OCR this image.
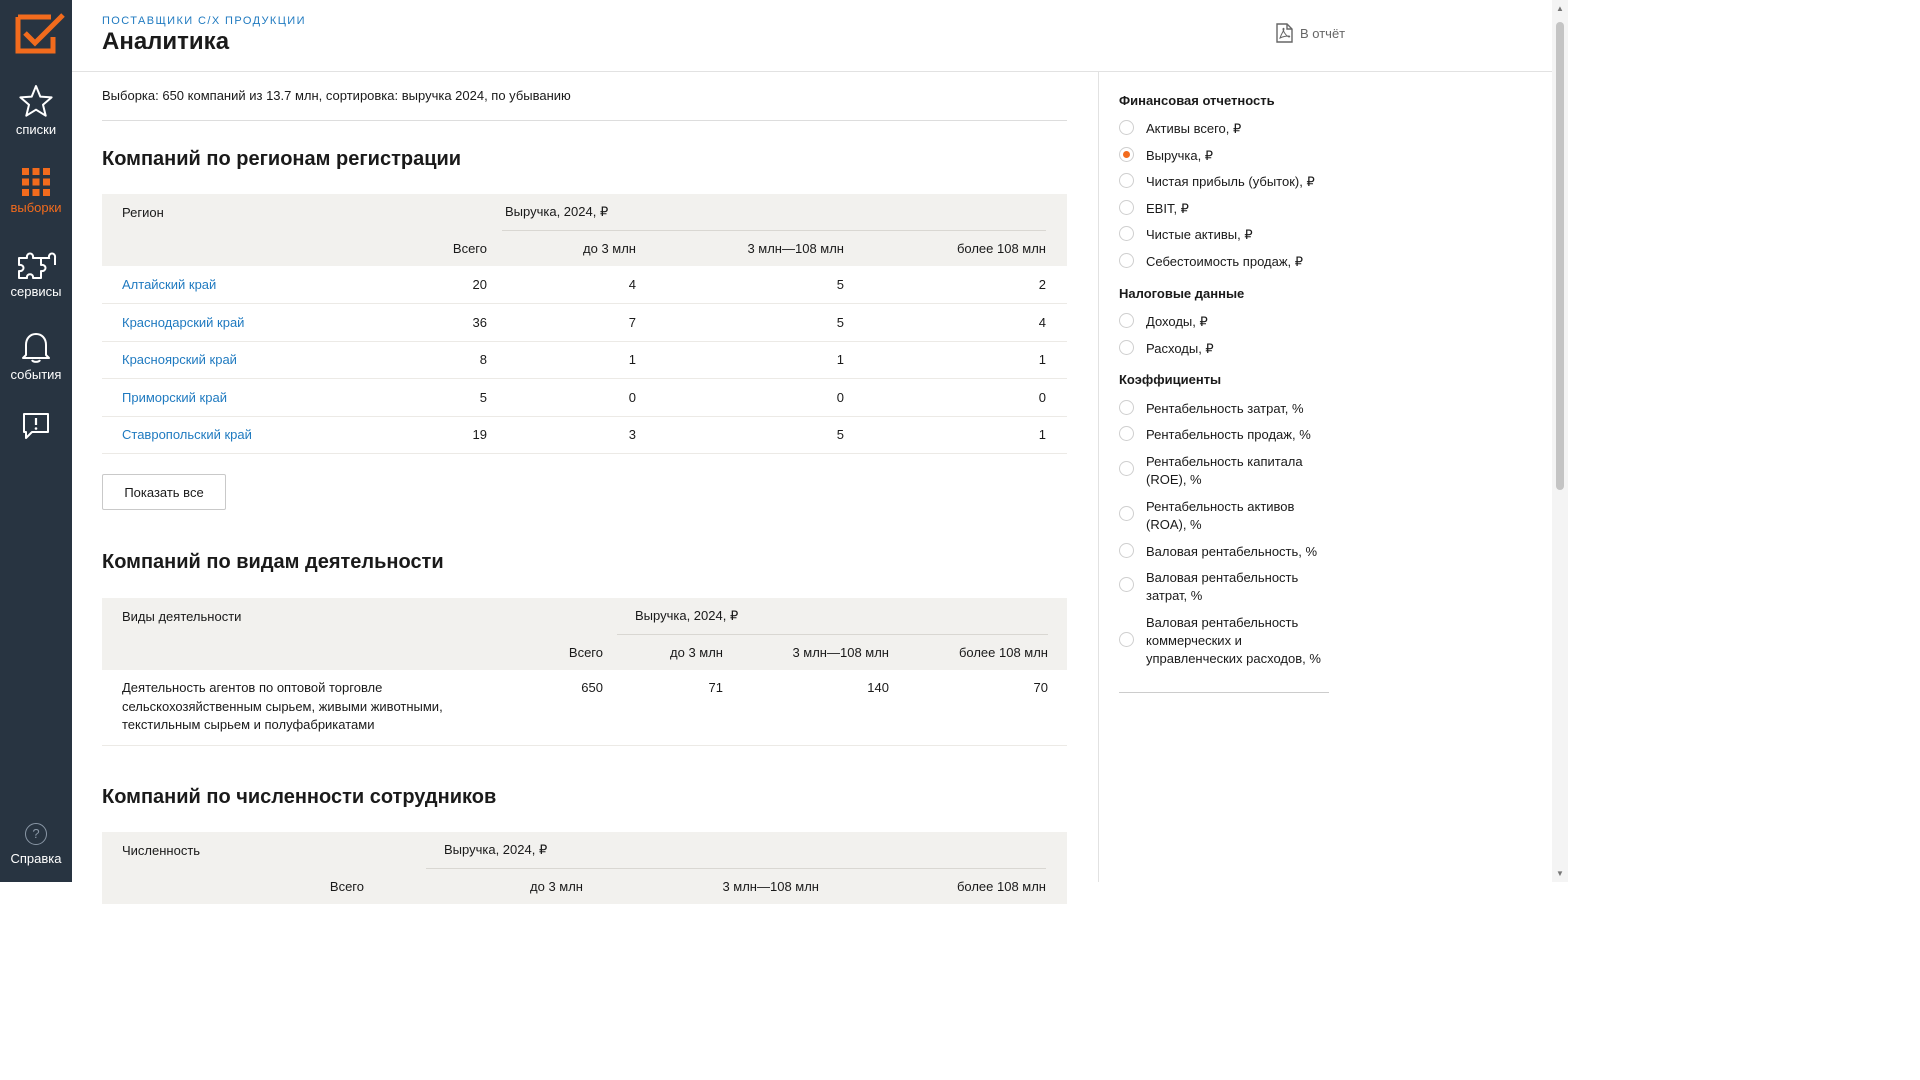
списки
выборки
сервисы
события
?
Справка
ПОСТАВЩИКИ С/Х ПРОДУКЦИИ
Аналитика	В отчёт
Выборка: 650 компаний из 13.7 млн, сортировка: выручка 2024, по убыванию
Компаний по регионам регистрации
	Регион			Выручка, 2024, ₽			
		Всего		до 3 млн	3 млн—108 млн	более 108 млн	
	Алтайский край	20		4	5	2	
	Краснодарский край	36		7	5	4	
	Красноярский край	8		1	1	1	
	Приморский край	5		0	0	0	
	Ставропольский край	19		3	5	1	
Показать все
Компаний по видам деятельности
	Виды деятельности			Выручка, 2024, ₽			
		Всего		до 3 млн	3 млн—108 млн	более 108 млн	
	Деятельность агентов по оптовой торговле сельскохозяйственным сырьем, живыми животными, текстильным сырьем и полуфабрикатами	650		71	140	70	
Компаний по численности сотрудников
	Численность			Выручка, 2024, ₽			
		Всего		до 3 млн	3 млн—108 млн	более 108 млн	
Финансовая отчетность
Активы всего, ₽
Выручка, ₽
Чистая прибыль (убыток), ₽
EBIT, ₽
Чистые активы, ₽
Себестоимость продаж, ₽
Налоговые данные
Доходы, ₽
Расходы, ₽
Коэффициенты
Рентабельность затрат, %
Рентабельность продаж, %
Рентабельность капитала (ROE), %
Рентабельность активов (ROA), %
Валовая рентабельность, %
Валовая рентабельность затрат, %
Валовая рентабельность коммерческих и управленческих расходов, %
▲
▼
